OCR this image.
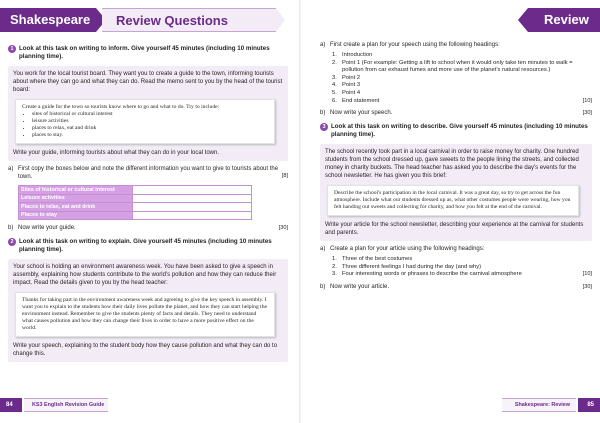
Shakespeare	Review Questions	Review
1 Look at this task on writing to inform. Give yourself 45 minutes (including 10 minutes planning time).
You work for the local tourist board. They want you to create a guide to the town, informing tourists about where they can go and what they can do. Read the memo sent to you by the head of the tourist board:
Create a guide for the town so tourists know where to go and what to do. Try to include:
• sites of historical or cultural interest
• leisure activities
• places to relax, eat and drink
• places to stay.
Write your guide, informing tourists about what they can do in your local town.
a) First copy the boxes below and note the different information you want to give to tourists about the town.	[8]
Sites of historical or cultural interest	
Leisure activities	
Places to relax, eat and drink	
Places to stay	
b) Now write your guide.	[30]
2 Look at this task on writing to explain. Give yourself 45 minutes (including 10 minutes planning time).
Your school is holding an environment awareness week. You have been asked to give a speech in assembly, explaining how students contribute to the world's pollution and how they can reduce their impact. Read the details given to you by the head teacher:
Thanks for taking part in the environment awareness week and agreeing to give the key speech in assembly. I want you to explain to the students how their daily lives pollute the planet, and how they can start helping the environment instead. Remember to give the students plenty of facts and details. They need to understand what causes pollution and how they can change their lives in order to have a more positive effect on the world.
Write your speech, explaining to the student body how they cause pollution and what they can do to change this.
a) First create a plan for your speech using the following headings:
1. Introduction
2. Point 1 (For example: Getting a lift to school when it would only take ten minutes to walk = pollution from car exhaust fumes and more use of the planet's natural resources.)
3. Point 2
4. Point 3
5. Point 4
6. End statement	[10]
b) Now write your speech.	[30]
3 Look at this task on writing to describe. Give yourself 45 minutes (including 10 minutes planning time).
The school recently took part in a local carnival in order to raise money for charity. One hundred students from the school dressed up, gave sweets to the people lining the streets, and collected money in charity buckets. The head teacher has asked you to describe the day's events for the school newsletter. He has given you this brief:
Describe the school's participation in the local carnival. It was a great day, so try to get across the fun atmosphere. Include what our students dressed up as, what other costumes people were wearing, how you felt handing out sweets and collecting for charity, and how you felt at the end of the carnival.
Write your article for the school newsletter, describing your experience at the carnival for students and parents.
a) Create a plan for your article using the following headings:
1. Three of the best costumes
2. Three different feelings I had during the day (and why)
3. Four interesting words or phrases to describe the carnival atmosphere	[10]
b) Now write your article.	[30]
84	KS3 English Revision Guide	Shakespeare: Review	85
